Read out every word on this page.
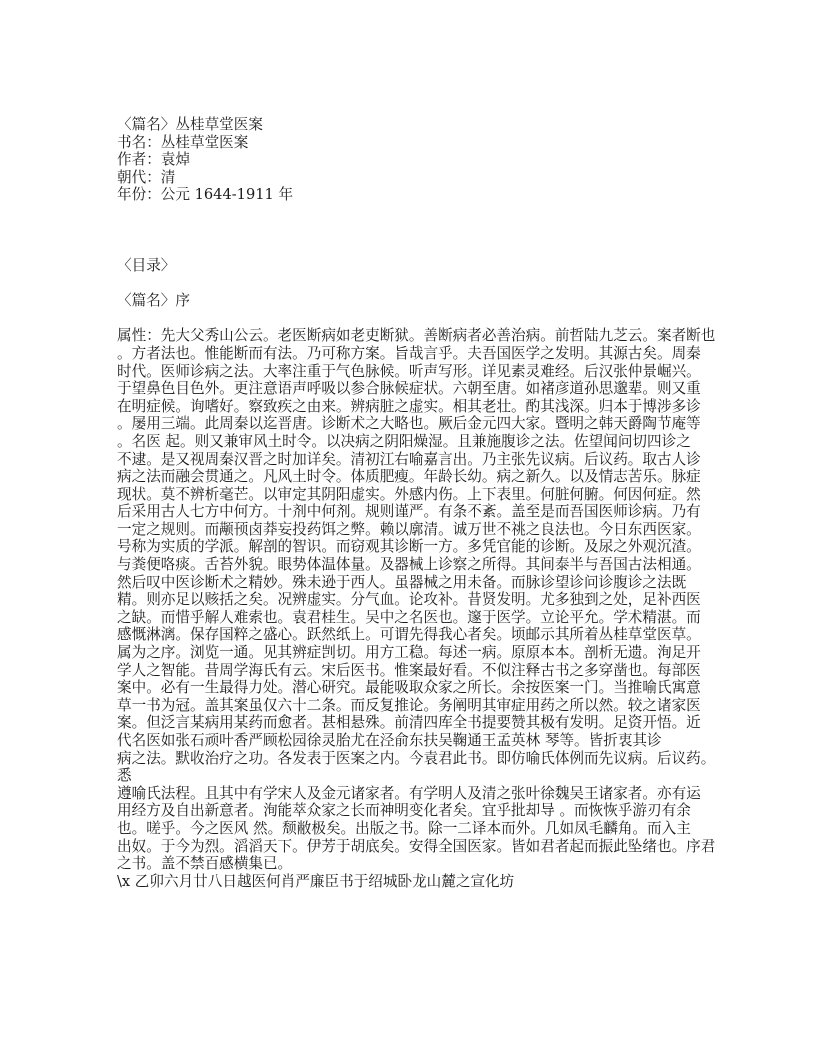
〈篇名〉丛桂草堂医案
书名：丛桂草堂医案
作者：袁焯
朝代：清
年份：公元 1644-1911 年
〈目录〉
〈篇名〉序
属性：先大父秀山公云。老医断病如老吏断狱。善断病者必善治病。前哲陆九芝云。案者断也
。方者法也。惟能断而有法。乃可称方案。旨哉言乎。夫吾国医学之发明。其源古矣。周秦
时代。医师诊病之法。大率注重于气色脉候。听声写形。详见素灵难经。后汉张仲景崛兴。
于望鼻色目色外。更注意语声呼吸以参合脉候症状。六朝至唐。如褚彦道孙思邈辈。则又重
在明症候。询嗜好。察致疾之由来。辨病脏之虚实。相其老壮。酌其浅深。归本于博涉多诊
。屡用三端。此周秦以迄晋唐。诊断术之大略也。厥后金元四大家。暨明之韩天爵陶节庵等
。名医 起。则又兼审风土时令。以决病之阴阳燥湿。且兼施腹诊之法。佐望闻问切四诊之
不逮。是又视周秦汉晋之时加详矣。清初江右喻嘉言出。乃主张先议病。后议药。取古人诊
病之法而融会贯通之。凡风土时令。体质肥瘦。年龄长幼。病之新久。以及情志苦乐。脉症
现状。莫不辨析毫芒。以审定其阴阳虚实。外感内伤。上下表里。何脏何腑。何因何症。然
后采用古人七方中何方。十剂中何剂。规则谨严。有条不紊。盖至是而吾国医师诊病。乃有
一定之规则。而颟顸卤莽妄投药饵之弊。赖以廓清。诚万世不祧之良法也。今日东西医家。
号称为实质的学派。解剖的智识。而窃观其诊断一方。多凭官能的诊断。及尿之外观沉渣。
与粪便咯痰。舌苔外貌。眼势体温体量。及器械上诊察之所得。其间泰半与吾国古法相通。
然后叹中医诊断术之精妙。殊未逊于西人。虽器械之用未备。而脉诊望诊问诊腹诊之法既
精。则亦足以赅括之矣。况辨虚实。分气血。论攻补。昔贤发明。尤多独到之处，足补西医
之缺。而惜乎解人难索也。袁君桂生。吴中之名医也。邃于医学。立论平允。学术精湛。而
感慨淋漓。保存国粹之盛心。跃然纸上。可谓先得我心者矣。顷邮示其所着丛桂草堂医草。
属为之序。浏览一通。见其辨症剀切。用方工稳。每述一病。原原本本。剖析无遗。洵足开
学人之智能。昔周学海氏有云。宋后医书。惟案最好看。不似注释古书之多穿凿也。每部医
案中。必有一生最得力处。潜心研究。最能吸取众家之所长。余按医案一门。当推喻氏寓意
草一书为冠。盖其案虽仅六十二条。而反复推论。务阐明其审症用药之所以然。较之诸家医
案。但泛言某病用某药而愈者。甚相悬殊。前清四库全书提要赞其极有发明。足资开悟。近
代名医如张石顽叶香严顾松园徐灵胎尤在泾俞东扶吴鞠通王孟英林 琴等。皆折衷其诊
病之法。默收治疗之功。各发表于医案之内。今袁君此书。即仿喻氏体例而先议病。后议药。
悉
遵喻氏法程。且其中有学宋人及金元诸家者。有学明人及清之张叶徐魏吴王诸家者。亦有运
用经方及自出新意者。洵能萃众家之长而神明变化者矣。宜乎批却导 。而恢恢乎游刃有余
也。嗟乎。今之医风 然。颓敝极矣。出版之书。除一二译本而外。几如凤毛麟角。而入主
出奴。于今为烈。滔滔天下。伊芳于胡底矣。安得全国医家。皆如君者起而振此坠绪也。序君
之书。盖不禁百感横集已。
\x 乙卯六月廿八日越医何肖严廉臣书于绍城卧龙山麓之宣化坊
